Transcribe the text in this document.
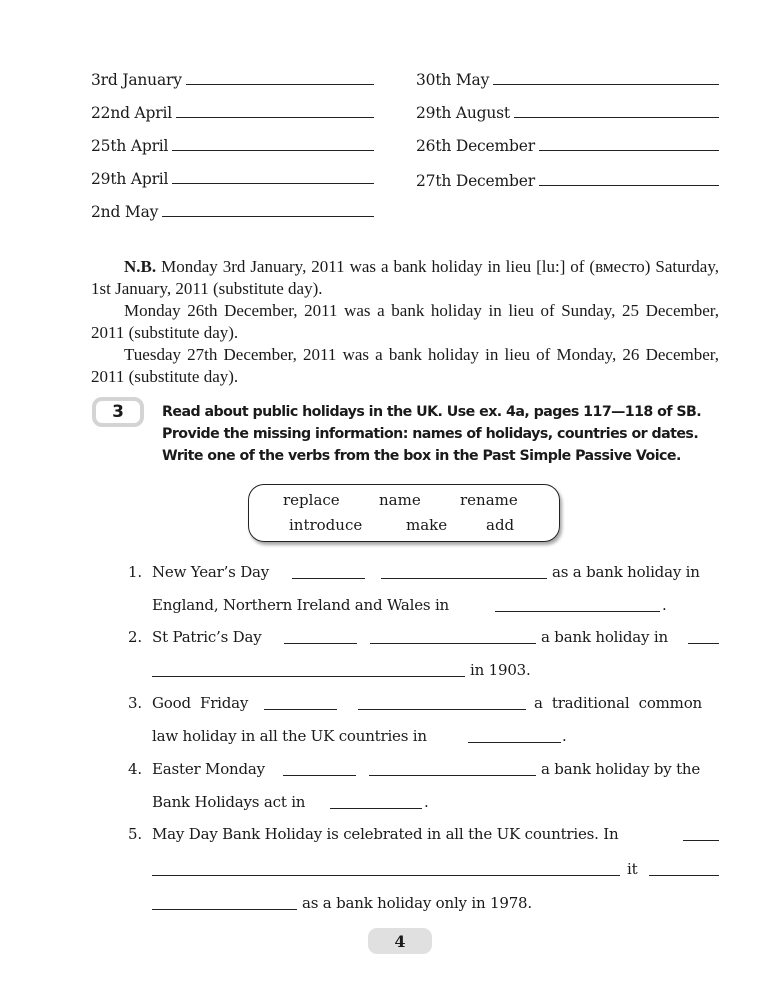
3rd January
22nd April
25th April
29th April
2nd May
30th May
29th August
26th December
27th December

N.B. Monday 3rd January, 2011 was a bank holiday in lieu [lu:] of (вместо) Saturday, 1st January, 2011 (substitute day).

Monday 26th December, 2011 was a bank holiday in lieu of Sunday, 25 December, 2011 (substitute day).

Tuesday 27th December, 2011 was a bank holiday in lieu of Monday, 26 December, 2011 (substitute day).

3	Read about public holidays in the UK. Use ex. 4a, pages 117—118 of SB.
Provide the missing information: names of holidays, countries or dates.
Write one of the verbs from the box in the Past Simple Passive Voice.
replace	name	rename
introduce	make	add
1. New Year’s Day	as a bank holiday in
England, Northern Ireland and Wales in	.
2. St Patric’s Day	a bank holiday in
in 1903.
3. Good  Friday	a  traditional  common
law holiday in all the UK countries in	.
4. Easter Monday	a bank holiday by the
Bank Holidays act in	.
5. May Day Bank Holiday is celebrated in all the UK countries. In
it
as a bank holiday only in 1978.
4
